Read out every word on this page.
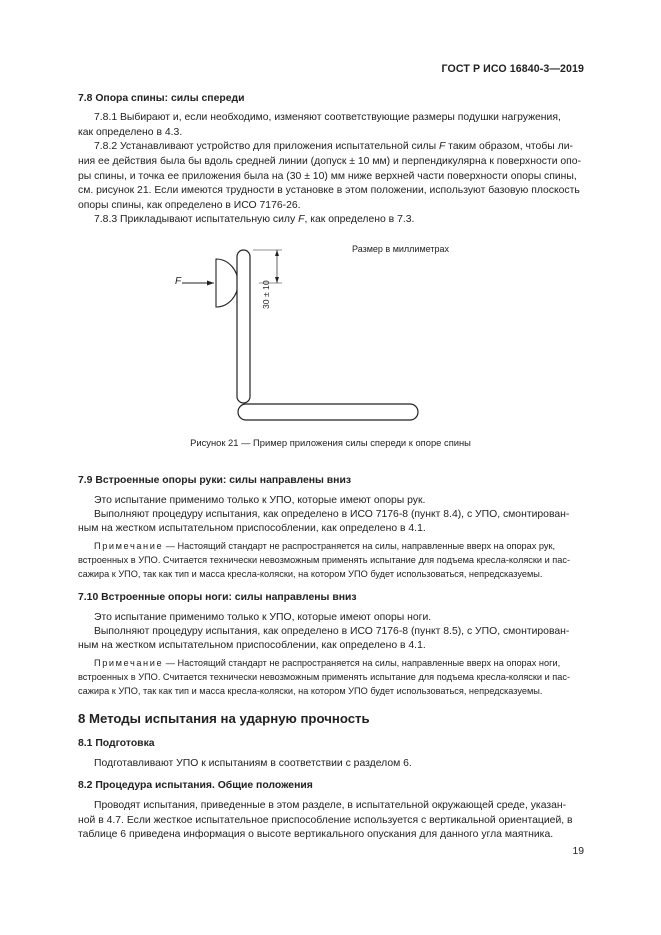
ГОСТ Р ИСО 16840-3—2019
7.8 Опора спины: силы спереди
7.8.1 Выбирают и, если необходимо, изменяют соответствующие размеры подушки нагружения,
как определено в 4.3.
7.8.2 Устанавливают устройство для приложения испытательной силы F таким образом, чтобы ли-
ния ее действия была бы вдоль средней линии (допуск ± 10 мм) и перпендикулярна к поверхности опо-
ры спины, и точка ее приложения была на (30 ± 10) мм ниже верхней части поверхности опоры спины,
см. рисунок 21. Если имеются трудности в установке в этом положении, используют базовую плоскость
опоры спины, как определено в ИСО 7176-26.
7.8.3 Прикладывают испытательную силу F, как определено в 7.3.
Размер в миллиметрах
F	30 ± 10
Рисунок 21 — Пример приложения силы спереди к опоре спины
7.9 Встроенные опоры руки: силы направлены вниз
Это испытание применимо только к УПО, которые имеют опоры рук.
Выполняют процедуру испытания, как определено в ИСО 7176-8 (пункт 8.4), с УПО, смонтирован-
ным на жестком испытательном приспособлении, как определено в 4.1.
Примечание — Настоящий стандарт не распространяется на силы, направленные вверх на опорах рук,
встроенных в УПО. Считается технически невозможным применять испытание для подъема кресла-коляски и пас-
сажира к УПО, так как тип и масса кресла-коляски, на котором УПО будет использоваться, непредсказуемы.
7.10 Встроенные опоры ноги: силы направлены вниз
Это испытание применимо только к УПО, которые имеют опоры ноги.
Выполняют процедуру испытания, как определено в ИСО 7176-8 (пункт 8.5), с УПО, смонтирован-
ным на жестком испытательном приспособлении, как определено в 4.1.
Примечание — Настоящий стандарт не распространяется на силы, направленные вверх на опорах ноги,
встроенных в УПО. Считается технически невозможным применять испытание для подъема кресла-коляски и пас-
сажира к УПО, так как тип и масса кресла-коляски, на котором УПО будет использоваться, непредсказуемы.
8 Методы испытания на ударную прочность
8.1 Подготовка
Подготавливают УПО к испытаниям в соответствии с разделом 6.
8.2 Процедура испытания. Общие положения
Проводят испытания, приведенные в этом разделе, в испытательной окружающей среде, указан-
ной в 4.7. Если жесткое испытательное приспособление используется с вертикальной ориентацией, в
таблице 6 приведена информация о высоте вертикального опускания для данного угла маятника.
19
